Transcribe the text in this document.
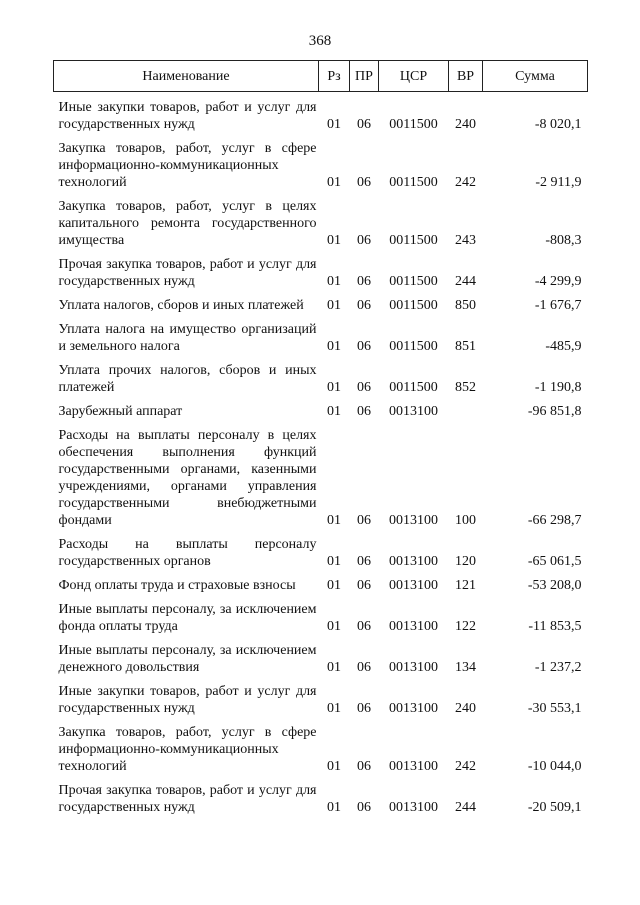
368
Наименование	Рз	ПР	ЦСР	ВР	Сумма
Иные закупки товаров, работ и услуг для государственных нужд	01	06	0011500	240	-8 020,1
Закупка товаров, работ, услуг в сфере информационно-коммуникационных технологий	01	06	0011500	242	-2 911,9
Закупка товаров, работ, услуг в целях капитального ремонта государственного имущества	01	06	0011500	243	-808,3
Прочая закупка товаров, работ и услуг для государственных нужд	01	06	0011500	244	-4 299,9
Уплата налогов, сборов и иных платежей	01	06	0011500	850	-1 676,7
Уплата налога на имущество организаций и земельного налога	01	06	0011500	851	-485,9
Уплата прочих налогов, сборов и иных платежей	01	06	0011500	852	-1 190,8
Зарубежный аппарат	01	06	0013100		-96 851,8
Расходы на выплаты персоналу в целях обеспечения выполнения функций государственными органами, казенными учреждениями, органами управления государственными внебюджетными фондами	01	06	0013100	100	-66 298,7
Расходы на выплаты персоналу государственных органов	01	06	0013100	120	-65 061,5
Фонд оплаты труда и страховые взносы	01	06	0013100	121	-53 208,0
Иные выплаты персоналу, за исключением фонда оплаты труда	01	06	0013100	122	-11 853,5
Иные выплаты персоналу, за исключением денежного довольствия	01	06	0013100	134	-1 237,2
Иные закупки товаров, работ и услуг для государственных нужд	01	06	0013100	240	-30 553,1
Закупка товаров, работ, услуг в сфере информационно-коммуникационных технологий	01	06	0013100	242	-10 044,0
Прочая закупка товаров, работ и услуг для государственных нужд	01	06	0013100	244	-20 509,1
